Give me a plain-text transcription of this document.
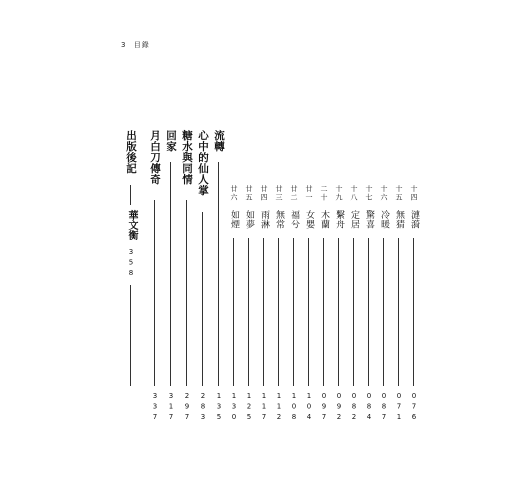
3 目錄
十四
漣漪
076
十五
無猜
071
十六
冷暖
087
十七
驚喜
084
十八
定居
082
十九
繫舟
092
二十
木蘭
097
廿一
女嬰
104
廿二
福兮
108
廿三
無常
112
廿四
雨淋
117
廿五
如夢
125
廿六
如煙
130
流轉
135
心中的仙人掌
283
糖水與同情
297
回家
317
月白刀傳奇
337
出版後記
華文衡
358
